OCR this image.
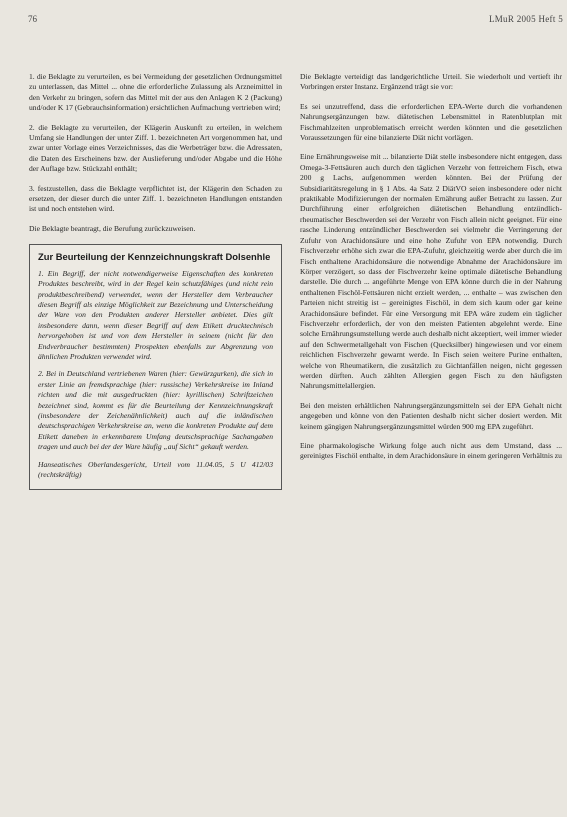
76	LMuR 2005 Heft 5

1. die Beklagte zu verurteilen, es bei Vermeidung der gesetzlichen Ordnungsmittel zu unterlassen, das Mittel ... ohne die erforderliche Zulassung als Arzneimittel in den Verkehr zu bringen, sofern das Mittel mit der aus den Anlagen K 2 (Packung) und/oder K 17 (Gebrauchsinformation) ersichtlichen Aufmachung vertrieben wird;

2. die Beklagte zu verurteilen, der Klägerin Auskunft zu erteilen, in welchem Umfang sie Handlungen der unter Ziff. 1. bezeichneten Art vorgenommen hat, und zwar unter Vorlage eines Verzeichnisses, das die Werbeträger bzw. die Adressaten, die Daten des Erscheinens bzw. der Auslieferung und/oder Abgabe und die Höhe der Auflage bzw. Stückzahl enthält;

3. festzustellen, dass die Beklagte verpflichtet ist, der Klägerin den Schaden zu ersetzen, der dieser durch die unter Ziff. 1. bezeichneten Handlungen entstanden ist und noch entstehen wird.

Die Beklagte beantragt, die Berufung zurückzuweisen.

Zur Beurteilung der Kennzeichnungskraft Dolsenhle

1. Ein Begriff, der nicht notwendigerweise Eigenschaften des konkreten Produktes beschreibt, wird in der Regel kein schutzfähiges (und nicht rein produktbeschreibend) verwendet, wenn der Hersteller dem Verbraucher diesen Begriff als einzige Möglichkeit zur Bezeichnung und Unterscheidung der Ware von den Produkten anderer Hersteller anbietet. Dies gilt insbesondere dann, wenn dieser Begriff auf dem Etikett drucktechnisch hervorgehoben ist und von dem Hersteller in seinem (nicht für den Endverbraucher bestimmten) Prospekten ebenfalls zur Abgrenzung von ähnlichen Produkten verwendet wird.

2. Bei in Deutschland vertriebenen Waren (hier: Gewürzgurken), die sich in erster Linie an fremdsprachige (hier: russische) Verkehrskreise im Inland richten und die mit ausgedruckten (hier: kyrillischen) Schriftzeichen bezeichnet sind, kommt es für die Beurteilung der Kennzeichnungskraft (insbesondere der Zeichenähnlichkeit) auch auf die inländischen deutschsprachigen Verkehrskreise an, wenn die konkreten Produkte auf dem Etikett daneben in erkennbarem Umfang deutschsprachige Sachangaben tragen und auch bei der der Ware häufig „auf Sicht“ gekauft werden.

Hanseatisches Oberlandesgericht, Urteil vom 11.04.05, 5 U 412/03 (rechtskräftig)

Die Beklagte verteidigt das landgerichtliche Urteil. Sie wiederholt und vertieft ihr Vorbringen erster Instanz. Ergänzend trägt sie vor:

Es sei unzutreffend, dass die erforderlichen EPA-Werte durch die vorhandenen Nahrungsergänzungen bzw. diätetischen Lebensmittel in Ratenblutplan mit Fischmahlzeiten unproblematisch erreicht werden könnten und die gesetzlichen Voraussetzungen für eine bilanzierte Diät nicht vorlägen.

Eine Ernährungsweise mit ... bilanzierte Diät stelle insbesondere nicht entgegen, dass Omega-3-Fettsäuren auch durch den täglichen Verzehr von fettreichem Fisch, etwa 200 g Lachs, aufgenommen werden könnten. Bei der Prüfung der Subsidiaritätsregelung in § 1 Abs. 4a Satz 2 DiätVO seien insbesondere oder nicht praktikable Modifizierungen der normalen Ernährung außer Betracht zu lassen. Zur Durchführung einer erfolgreichen diätetischen Behandlung entzündlich-rheumatischer Beschwerden sei der Verzehr von Fisch allein nicht geeignet. Für eine rasche Linderung entzündlicher Beschwerden sei vielmehr die Verringerung der Zufuhr von Arachidonsäure und eine hohe Zufuhr von EPA notwendig. Durch Fischverzehr erhöhe sich zwar die EPA-Zufuhr, gleichzeitig werde aber durch die im Fisch enthaltene Arachidonsäure die notwendige Abnahme der Arachidonsäure im Körper verzögert, so dass der Fischverzehr keine optimale diätetische Behandlung darstelle. Die durch ... angeführte Menge von EPA könne durch die in der Nahrung enthaltenen Fischöl-Fettsäuren nicht erzielt werden, ... enthalte – was zwischen den Parteien nicht streitig ist – gereinigtes Fischöl, in dem sich kaum oder gar keine Arachidonsäure befindet. Für eine Versorgung mit EPA wäre zudem ein täglicher Fischverzehr erforderlich, der von den meisten Patienten abgelehnt werde. Eine solche Ernährungsumstellung werde auch deshalb nicht akzeptiert, weil immer wieder auf den Schwermetallgehalt von Fischen (Quecksilber) hingewiesen und vor einem reichlichen Fischverzehr gewarnt werde. In Fisch seien weitere Purine enthalten, welche von Rheumatikern, die zusätzlich zu Gichtanfällen neigen, nicht gegessen werden dürften. Auch zählten Allergien gegen Fisch zu den häufigsten Nahrungsmittelallergien.

Bei den meisten erhältlichen Nahrungsergänzungsmitteln sei der EPA Gehalt nicht angegeben und könne von den Patienten deshalb nicht sicher dosiert werden. Mit keinem gängigen Nahrungsergänzungsmittel würden 900 mg EPA zugeführt.

Eine pharmakologische Wirkung folge auch nicht aus dem Umstand, dass ... gereinigtes Fischöl enthalte, in dem Arachidonsäure in einem geringeren Verhältnis zu
